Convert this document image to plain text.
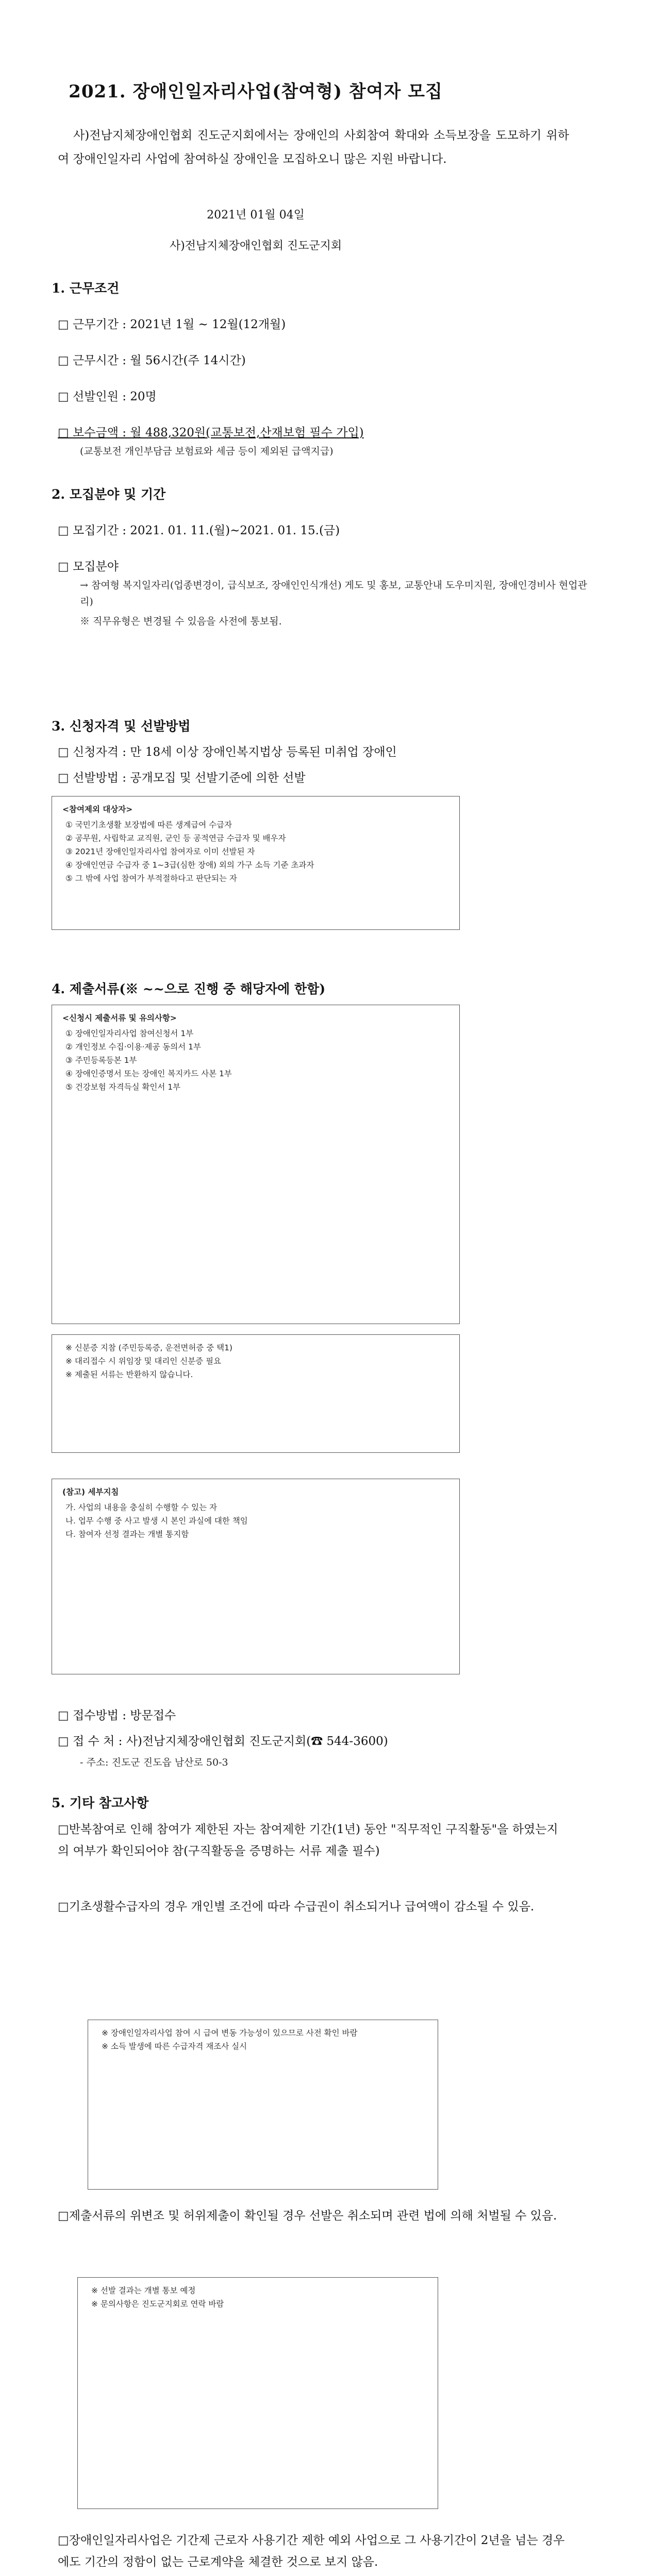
2021. 장애인일자리사업(참여형) 참여자 모집
사)전남지체장애인협회 진도군지회에서는 장애인의 사회참여 확대와 소득보장을 도모하기 위하여 장애인일자리 사업에 참여하실 장애인을 모집하오니 많은 지원 바랍니다.
2021년 01월 04일
사)전남지체장애인협회 진도군지회
1. 근무조건
□ 근무기간 : 2021년 1월 ~ 12월(12개월)
□ 근무시간 : 월 56시간(주 14시간)
□ 선발인원 : 20명
□ 보수금액 : 월 488,320원(교통보전,산재보험 필수 가입)
(교통보전 개인부담금 보험료와 세금 등이 제외된 급액지급)
2. 모집분야 및 기간
□ 모집기간 : 2021. 01. 11.(월)~2021. 01. 15.(금)
□ 모집분야
→ 참여형 복지일자리(업종변경이, 급식보조, 장애인인식개선) 게도 및 홍보, 교통안내 도우미지원, 장애인경비사 현업관리)
※ 직무유형은 변경될 수 있음을 사전에 통보됨.
3. 신청자격 및 선발방법
□ 신청자격 : 만 18세 이상 장애인복지법상 등록된 미취업 장애인
□ 선발방법 : 공개모집 및 선발기준에 의한 선발
<참여제외 대상자>
① 국민기초생활 보장법에 따른 생계급여 수급자
② 공무원, 사립학교 교직원, 군인 등 공적연금 수급자 및 배우자
③ 2021년 장애인일자리사업 참여자로 이미 선발된 자
④ 장애인연금 수급자 중 1~3급(심한 장애) 외의 가구 소득 기준 초과자
⑤ 그 밖에 사업 참여가 부적절하다고 판단되는 자
4. 제출서류(※ ~~으로 진행 중 해당자에 한함)
<신청시 제출서류 및 유의사항>
① 장애인일자리사업 참여신청서 1부
② 개인정보 수집·이용·제공 동의서 1부
③ 주민등록등본 1부
④ 장애인증명서 또는 장애인 복지카드 사본 1부
⑤ 건강보험 자격득실 확인서 1부
※ 신분증 지참 (주민등록증, 운전면허증 중 택1)
※ 대리접수 시 위임장 및 대리인 신분증 필요
※ 제출된 서류는 반환하지 않습니다.
(참고) 세부지침
가. 사업의 내용을 충실히 수행할 수 있는 자
나. 업무 수행 중 사고 발생 시 본인 과실에 대한 책임
다. 참여자 선정 결과는 개별 통지함
□ 접수방법 : 방문접수
□ 접 수 처 : 사)전남지체장애인협회 진도군지회(☎ 544-3600)
- 주소: 진도군 진도읍 남산로 50-3
5. 기타 참고사항
□반복참여로 인해 참여가 제한된 자는 참여제한 기간(1년) 동안 "직무적인 구직활동"을 하였는지의 여부가 확인되어야 참(구직활동을 증명하는 서류 제출 필수)
□기초생활수급자의 경우 개인별 조건에 따라 수급권이 취소되거나 급여액이 감소될 수 있음.
※ 장애인일자리사업 참여 시 급여 변동 가능성이 있으므로 사전 확인 바람
※ 소득 발생에 따른 수급자격 재조사 실시
□제출서류의 위변조 및 허위제출이 확인될 경우 선발은 취소되며 관련 법에 의해 처벌될 수 있음.
※ 선발 결과는 개별 통보 예정
※ 문의사항은 진도군지회로 연락 바람
□장애인일자리사업은 기간제 근로자 사용기간 제한 예외 사업으로 그 사용기간이 2년을 넘는 경우에도 기간의 정함이 없는 근로계약을 체결한 것으로 보지 않음.
